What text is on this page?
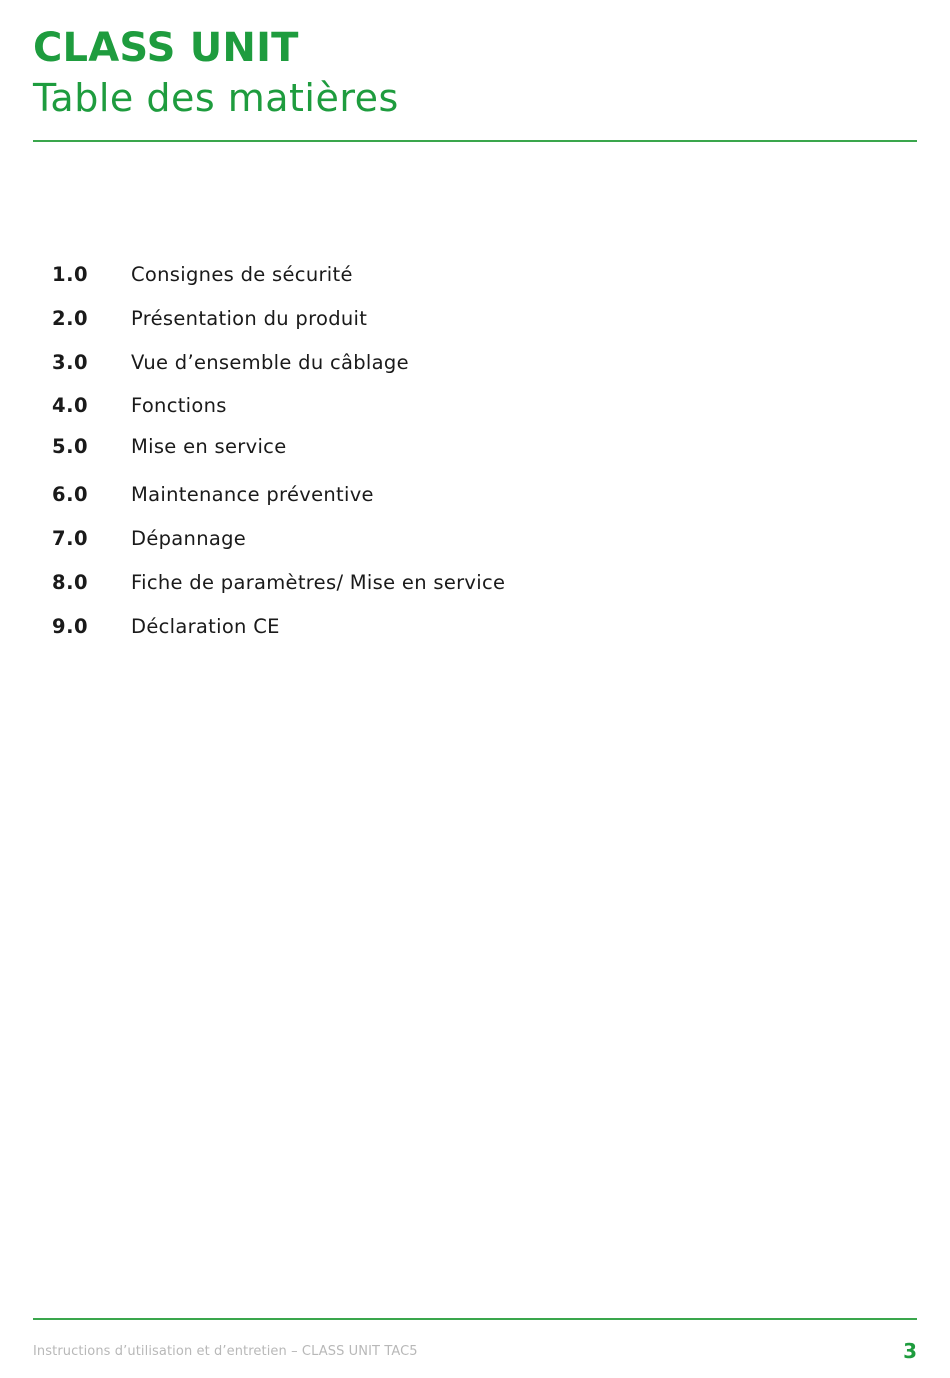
CLASS UNIT
Table des matières
1.0	Consignes de sécurité
2.0	Présentation du produit
3.0	Vue d’ensemble du câblage
4.0	Fonctions
5.0	Mise en service
6.0	Maintenance préventive
7.0	Dépannage
8.0	Fiche de paramètres/ Mise en service
9.0	Déclaration CE
Instructions d’utilisation et d’entretien – CLASS UNIT TAC5	3
